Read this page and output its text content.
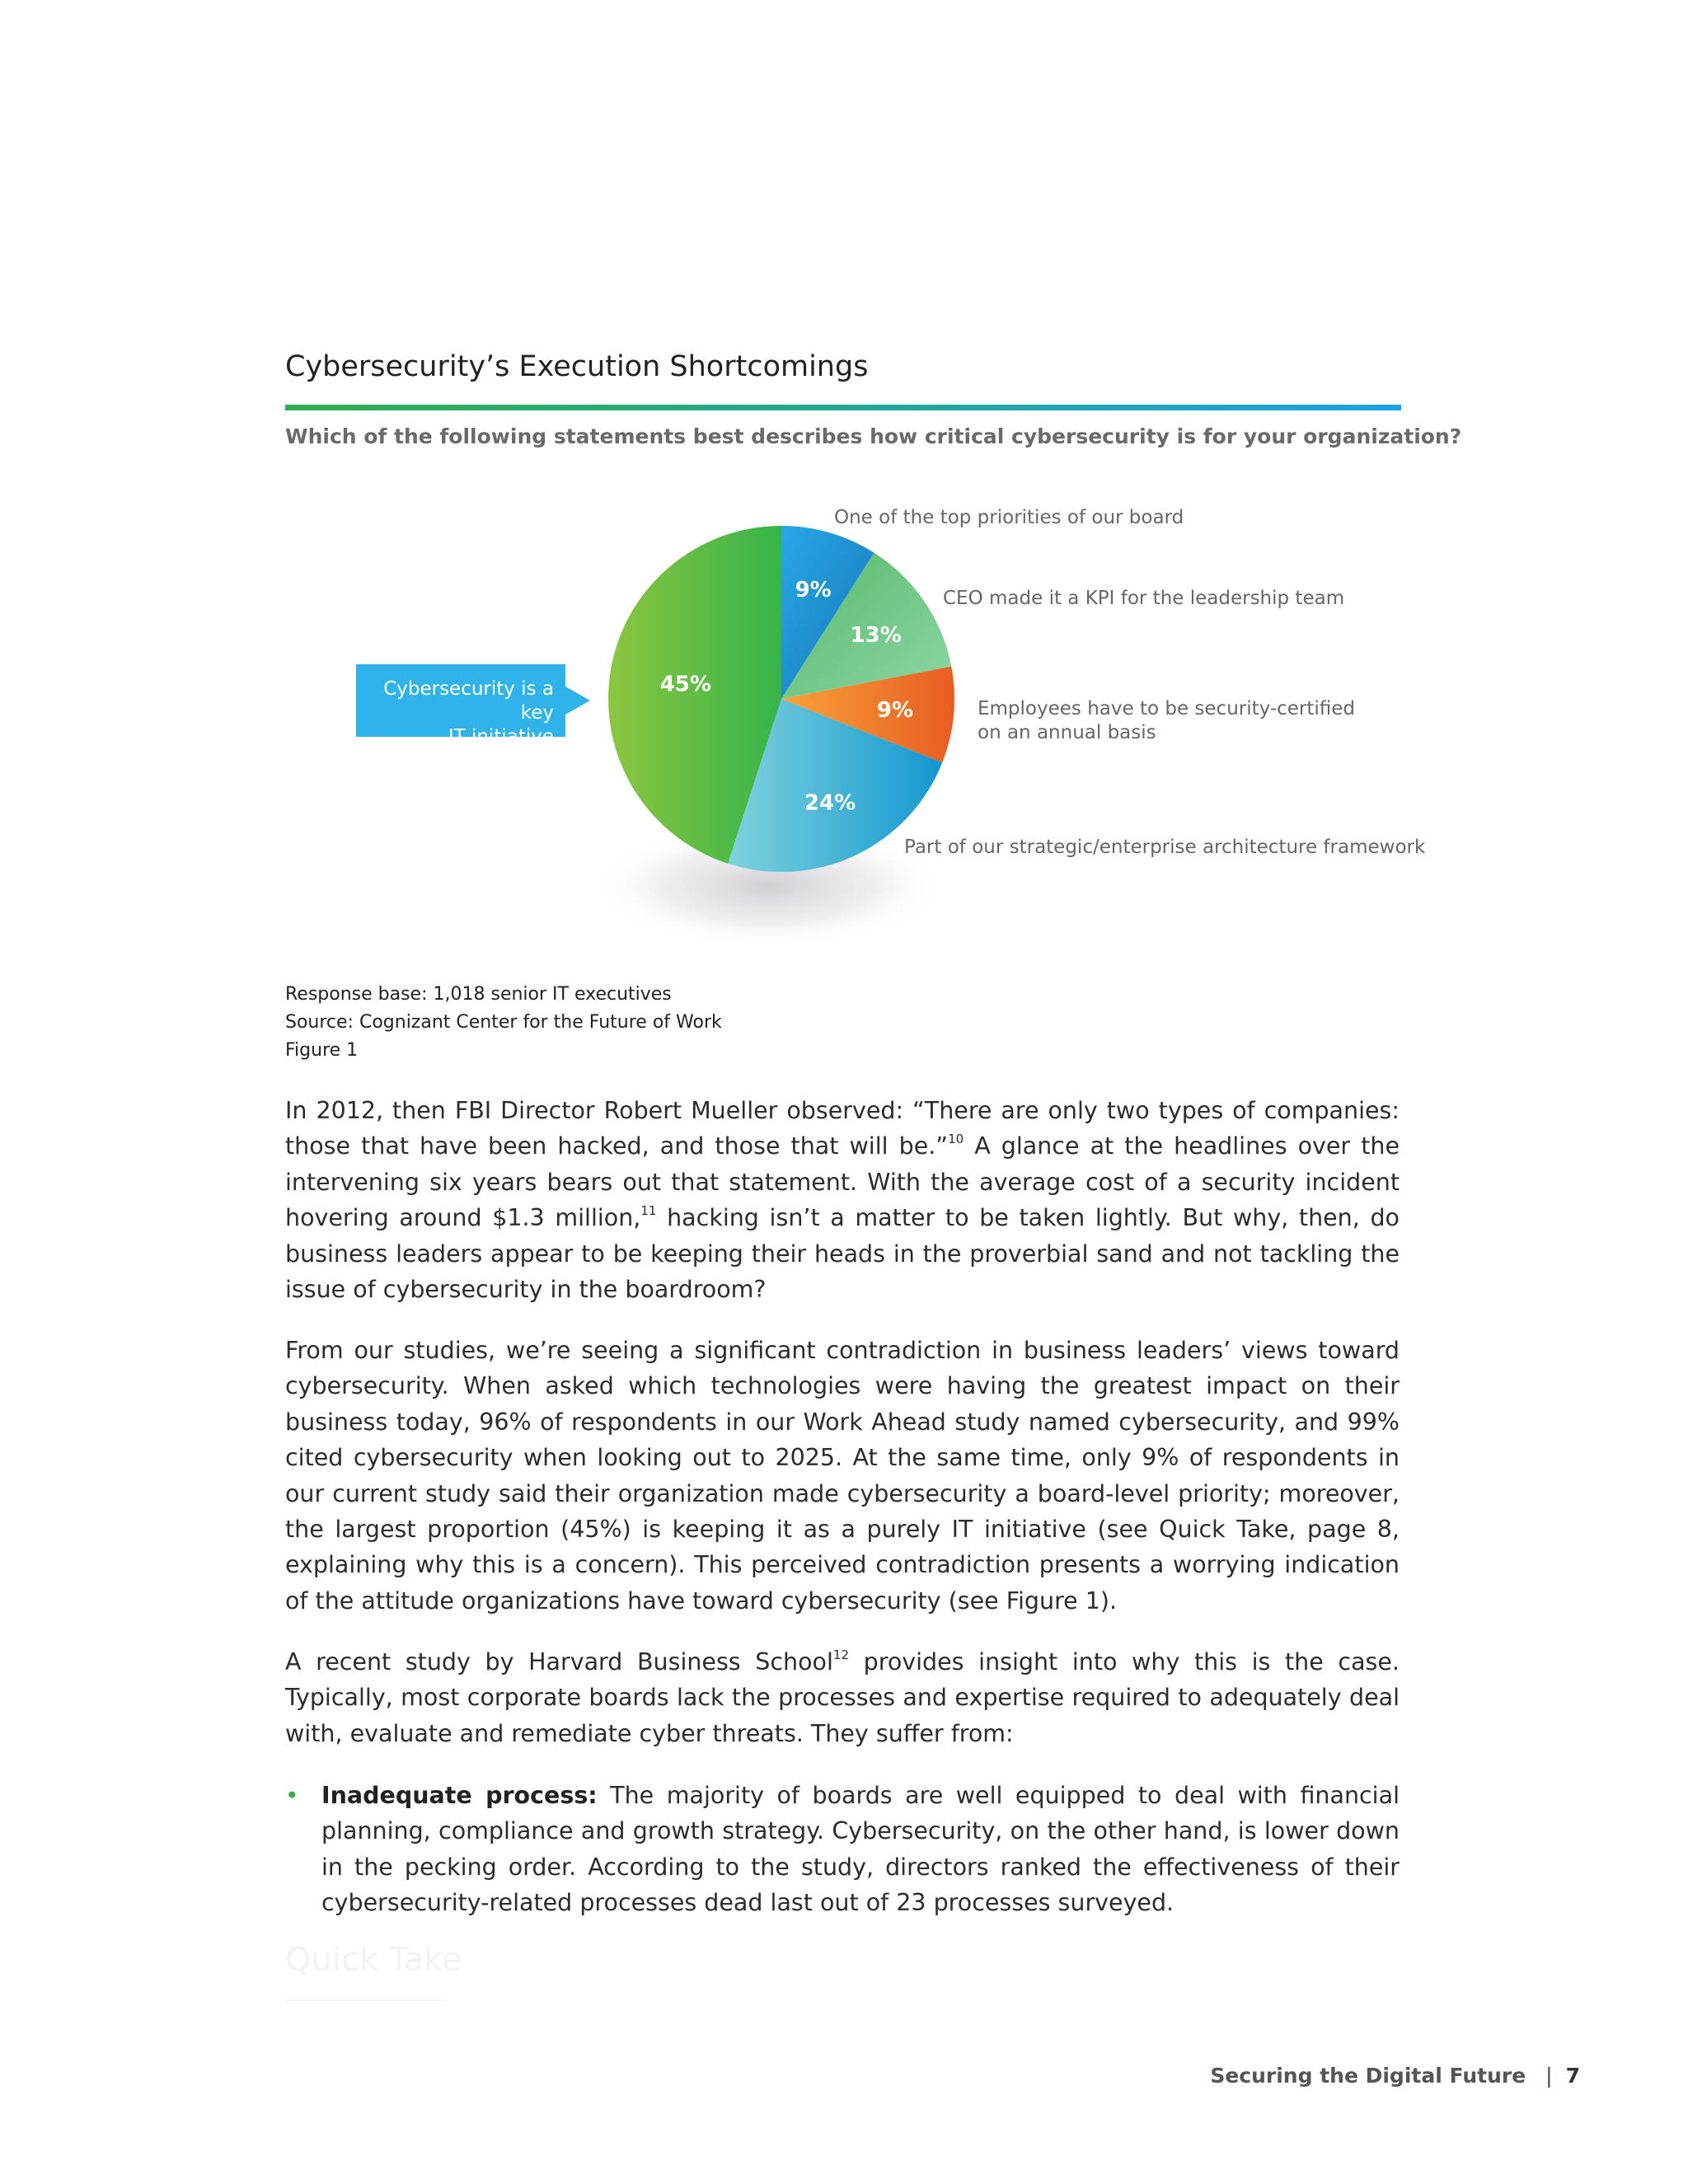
Cybersecurity’s Execution Shortcomings
Which of the following statements best describes how critical cybersecurity is for your organization?
9%
13%
9%
24%
45%
One of the top priorities of our board
CEO made it a KPI for the leadership team
Employees have to be security-certified
on an annual basis
Part of our strategic/enterprise architecture framework
Cybersecurity is a key
IT initiative
Response base: 1,018 senior IT executives
Source: Cognizant Center for the Future of Work
Figure 1

In 2012, then FBI Director Robert Mueller observed: “There are only two types of companies: those that have been hacked, and those that will be.”$^{10}$ A glance at the headlines over the intervening six years bears out that statement. With the average cost of a security incident hovering around $1.3 million,$^{11}$ hacking isn’t a matter to be taken lightly. But why, then, do business leaders appear to be keeping their heads in the proverbial sand and not tackling the issue of cybersecurity in the boardroom?

From our studies, we’re seeing a significant contradiction in business leaders’ views toward cybersecurity. When asked which technologies were having the greatest impact on their business today, 96% of respondents in our Work Ahead study named cybersecurity, and 99% cited cybersecurity when looking out to 2025. At the same time, only 9% of respondents in our current study said their organization made cybersecurity a board-level priority; moreover, the largest proportion (45%) is keeping it as a purely IT initiative (see Quick Take, page 8, explaining why this is a concern). This perceived contradiction presents a worrying indication of the attitude organizations have toward cybersecurity (see Figure 1).

A recent study by Harvard Business School$^{12}$ provides insight into why this is the case. Typically, most corporate boards lack the processes and expertise required to adequately deal with, evaluate and remediate cyber threats. They suffer from:

• Inadequate process: The majority of boards are well equipped to deal with financial planning, compliance and growth strategy. Cybersecurity, on the other hand, is lower down in the pecking order. According to the study, directors ranked the effectiveness of their cybersecurity-related processes dead last out of 23 processes surveyed.
Quick Take
Securing the Digital Future | 7
